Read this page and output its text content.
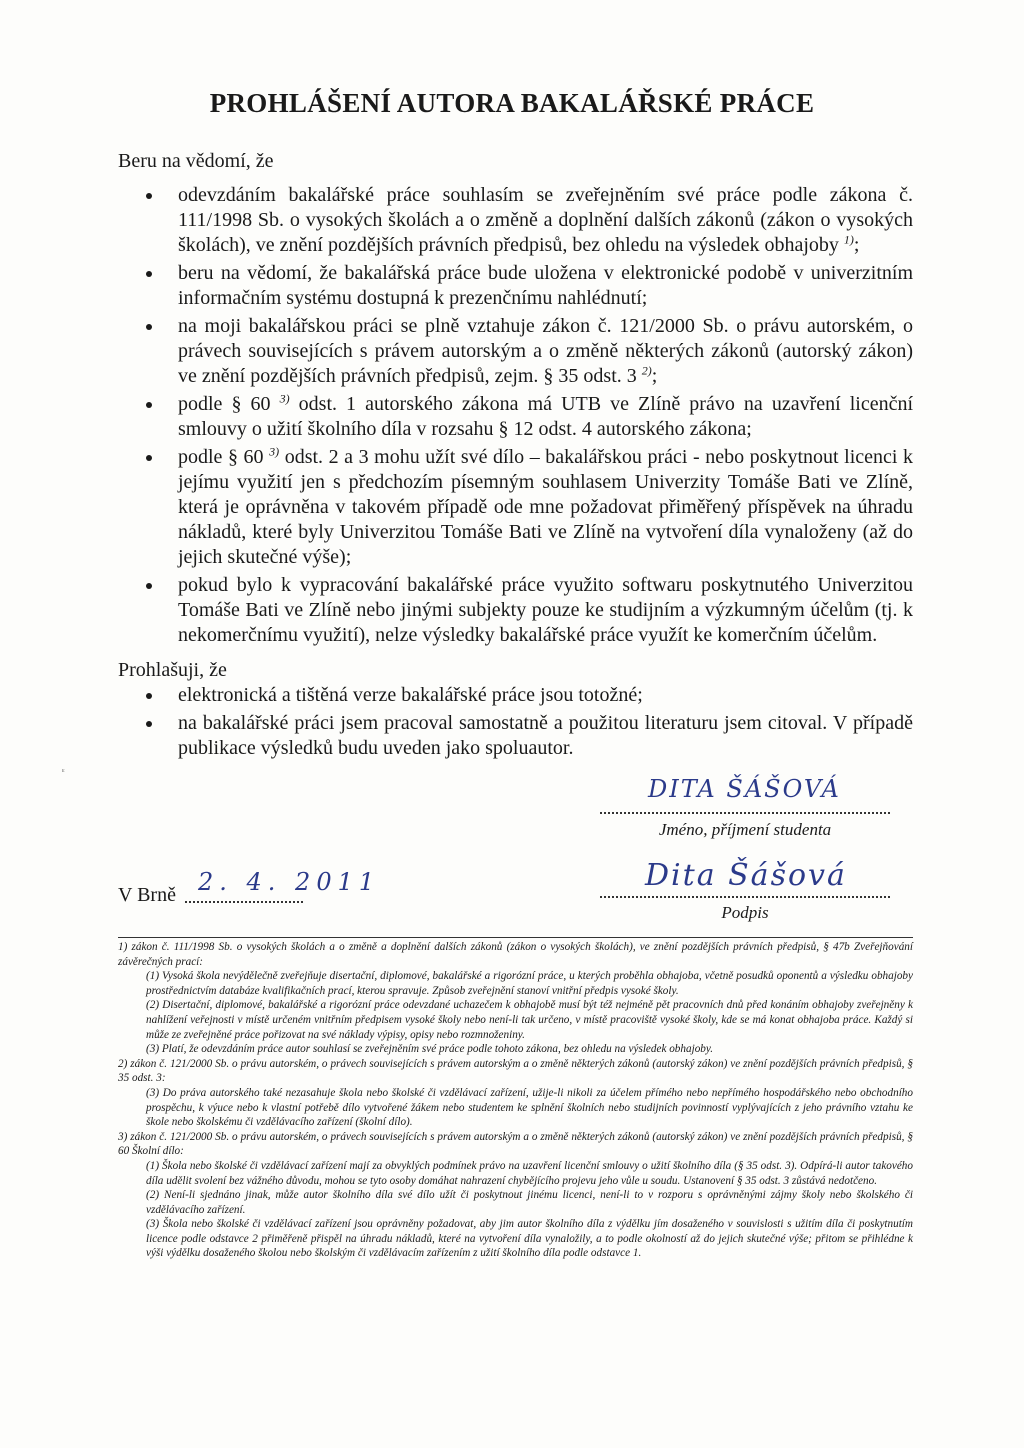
PROHLÁŠENÍ AUTORA BAKALÁŘSKÉ PRÁCE
Beru na vědomí, že
odevzdáním bakalářské práce souhlasím se zveřejněním své práce podle zákona č. 111/1998 Sb. o vysokých školách a o změně a doplnění dalších zákonů (zákon o vysokých školách), ve znění pozdějších právních předpisů, bez ohledu na výsledek obhajoby $^{1)}$;
beru na vědomí, že bakalářská práce bude uložena v elektronické podobě v univerzitním informačním systému dostupná k prezenčnímu nahlédnutí;
na moji bakalářskou práci se plně vztahuje zákon č. 121/2000 Sb. o právu autorském, o právech souvisejících s právem autorským a o změně některých zákonů (autorský zákon) ve znění pozdějších právních předpisů, zejm. § 35 odst. 3 $^{2)}$;
podle § 60 $^{3)}$ odst. 1 autorského zákona má UTB ve Zlíně právo na uzavření licenční smlouvy o užití školního díla v rozsahu § 12 odst. 4 autorského zákona;
podle § 60 $^{3)}$ odst. 2 a 3 mohu užít své dílo – bakalářskou práci - nebo poskytnout licenci k jejímu využití jen s předchozím písemným souhlasem Univerzity Tomáše Bati ve Zlíně, která je oprávněna v takovém případě ode mne požadovat přiměřený příspěvek na úhradu nákladů, které byly Univerzitou Tomáše Bati ve Zlíně na vytvoření díla vynaloženy (až do jejich skutečné výše);
pokud bylo k vypracování bakalářské práce využito softwaru poskytnutého Univerzitou Tomáše Bati ve Zlíně nebo jinými subjekty pouze ke studijním a výzkumným účelům (tj. k nekomerčnímu využití), nelze výsledky bakalářské práce využít ke komerčním účelům.
Prohlašuji, že
elektronická a tištěná verze bakalářské práce jsou totožné;
na bakalářské práci jsem pracoval samostatně a použitou literaturu jsem citoval. V případě publikace výsledků budu uveden jako spoluautor.
ᵋ
DITA ŠÁŠOVÁ
Jméno, příjmení studenta
V Brně 2. 4. 2011	Dita Šášová
Podpis

1) zákon č. 111/1998 Sb. o vysokých školách a o změně a doplnění dalších zákonů (zákon o vysokých školách), ve znění pozdějších právních předpisů, § 47b Zveřejňování závěrečných prací:

(1) Vysoká škola nevýdělečně zveřejňuje disertační, diplomové, bakalářské a rigorózní práce, u kterých proběhla obhajoba, včetně posudků oponentů a výsledku obhajoby prostřednictvím databáze kvalifikačních prací, kterou spravuje. Způsob zveřejnění stanoví vnitřní předpis vysoké školy.

(2) Disertační, diplomové, bakalářské a rigorózní práce odevzdané uchazečem k obhajobě musí být též nejméně pět pracovních dnů před konáním obhajoby zveřejněny k nahlížení veřejnosti v místě určeném vnitřním předpisem vysoké školy nebo není-li tak určeno, v místě pracoviště vysoké školy, kde se má konat obhajoba práce. Každý si může ze zveřejněné práce pořizovat na své náklady výpisy, opisy nebo rozmnoženiny.

(3) Platí, že odevzdáním práce autor souhlasí se zveřejněním své práce podle tohoto zákona, bez ohledu na výsledek obhajoby.

2) zákon č. 121/2000 Sb. o právu autorském, o právech souvisejících s právem autorským a o změně některých zákonů (autorský zákon) ve znění pozdějších právních předpisů, § 35 odst. 3:

(3) Do práva autorského také nezasahuje škola nebo školské či vzdělávací zařízení, užije-li nikoli za účelem přímého nebo nepřímého hospodářského nebo obchodního prospěchu, k výuce nebo k vlastní potřebě dílo vytvořené žákem nebo studentem ke splnění školních nebo studijních povinností vyplývajících z jeho právního vztahu ke škole nebo školskému či vzdělávacího zařízení (školní dílo).

3) zákon č. 121/2000 Sb. o právu autorském, o právech souvisejících s právem autorským a o změně některých zákonů (autorský zákon) ve znění pozdějších právních předpisů, § 60 Školní dílo:

(1) Škola nebo školské či vzdělávací zařízení mají za obvyklých podmínek právo na uzavření licenční smlouvy o užití školního díla (§ 35 odst. 3). Odpírá-li autor takového díla udělit svolení bez vážného důvodu, mohou se tyto osoby domáhat nahrazení chybějícího projevu jeho vůle u soudu. Ustanovení § 35 odst. 3 zůstává nedotčeno.

(2) Není-li sjednáno jinak, může autor školního díla své dílo užít či poskytnout jinému licenci, není-li to v rozporu s oprávněnými zájmy školy nebo školského či vzdělávacího zařízení.

(3) Škola nebo školské či vzdělávací zařízení jsou oprávněny požadovat, aby jim autor školního díla z výdělku jím dosaženého v souvislosti s užitím díla či poskytnutím licence podle odstavce 2 přiměřeně přispěl na úhradu nákladů, které na vytvoření díla vynaložily, a to podle okolností až do jejich skutečné výše; přitom se přihlédne k výši výdělku dosaženého školou nebo školským či vzdělávacím zařízením z užití školního díla podle odstavce 1.
